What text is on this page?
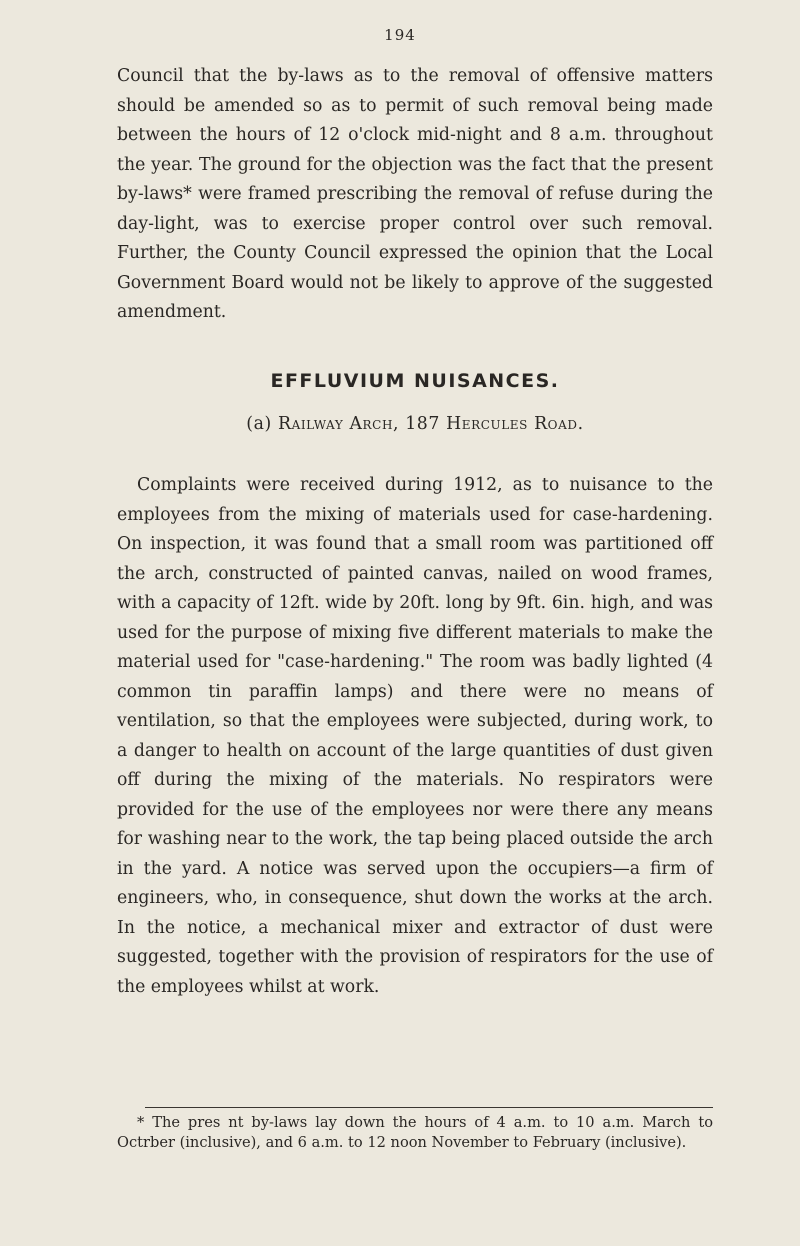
194

Council that the by-laws as to the removal of offensive matters should be amended so as to permit of such removal being made between the hours of 12 o'clock mid-night and 8 a.m. throughout the year. The ground for the objection was the fact that the present by-laws* were framed prescribing the removal of refuse during the day-light, was to exercise proper control over such removal. Further, the County Council expressed the opinion that the Local Government Board would not be likely to approve of the suggested amendment.

EFFLUVIUM NUISANCES.

(a) Railway Arch, 187 Hercules Road.

Complaints were received during 1912, as to nuisance to the employees from the mixing of materials used for case-hardening. On inspection, it was found that a small room was partitioned off the arch, constructed of painted canvas, nailed on wood frames, with a capacity of 12ft. wide by 20ft. long by 9ft. 6in. high, and was used for the purpose of mixing five different materials to make the material used for "case-hardening." The room was badly lighted (4 common tin paraffin lamps) and there were no means of ventilation, so that the employees were subjected, during work, to a danger to health on account of the large quantities of dust given off during the mixing of the materials. No respirators were provided for the use of the employees nor were there any means for washing near to the work, the tap being placed outside the arch in the yard. A notice was served upon the occupiers—a firm of engineers, who, in consequence, shut down the works at the arch. In the notice, a mechanical mixer and extractor of dust were suggested, together with the provision of respirators for the use of the employees whilst at work.

* The pres nt by-laws lay down the hours of 4 a.m. to 10 a.m. March to Octrber (inclusive), and 6 a.m. to 12 noon November to February (inclusive).
